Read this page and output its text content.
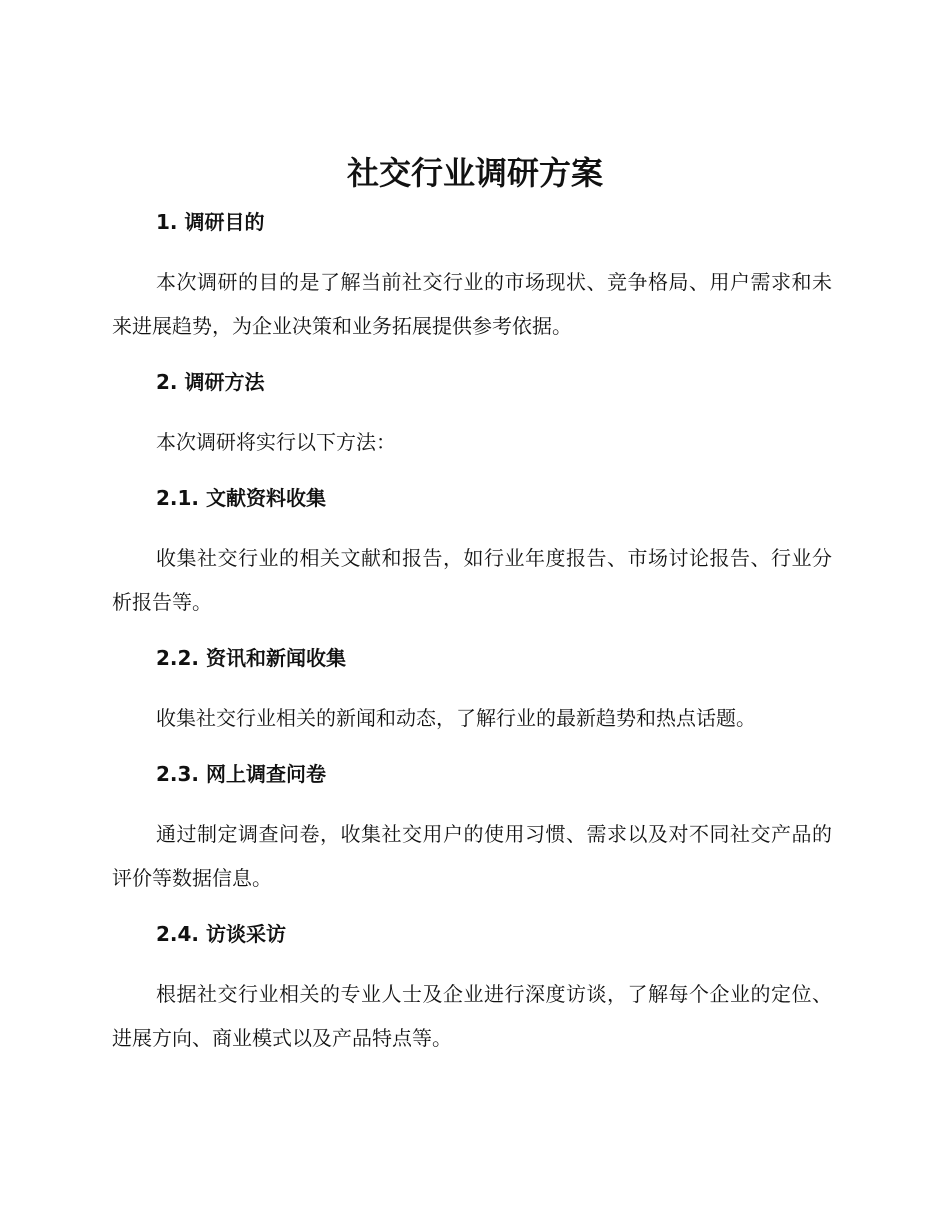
社交行业调研方案

1. 调研目的

本次调研的目的是了解当前社交行业的市场现状、竞争格局、用户需求和未来进展趋势，为企业决策和业务拓展提供参考依据。

2. 调研方法

本次调研将实行以下方法：

2.1. 文献资料收集

收集社交行业的相关文献和报告，如行业年度报告、市场讨论报告、行业分析报告等。

2.2. 资讯和新闻收集

收集社交行业相关的新闻和动态，了解行业的最新趋势和热点话题。

2.3. 网上调查问卷

通过制定调查问卷，收集社交用户的使用习惯、需求以及对不同社交产品的评价等数据信息。

2.4. 访谈采访

根据社交行业相关的专业人士及企业进行深度访谈，了解每个企业的定位、进展方向、商业模式以及产品特点等。
